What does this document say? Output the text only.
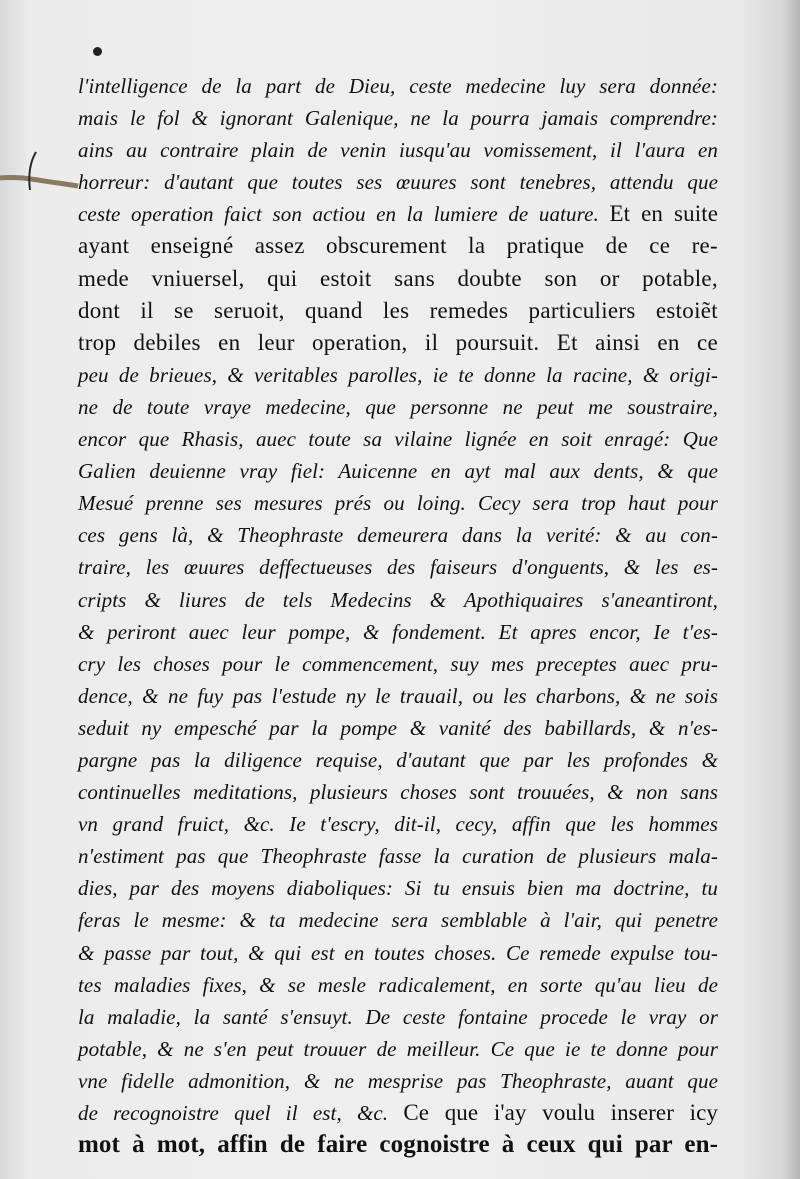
l'intelligence de la part de Dieu, ceste medecine luy sera donnée:
mais le fol & ignorant Galenique, ne la pourra jamais comprendre:
ains au contraire plain de venin iusqu'au vomissement, il l'aura en
horreur: d'autant que toutes ses œuures sont tenebres, attendu que
ceste operation faict son actiou en la lumiere de uature. Et en suite
ayant enseigné assez obscurement la pratique de ce re-
mede vniuersel, qui estoit sans doubte son or potable,
dont il se seruoit, quand les remedes particuliers estoiẽt
trop debiles en leur operation, il poursuit. Et ainsi en ce
peu de brieues, & veritables parolles, ie te donne la racine, & origi-
ne de toute vraye medecine, que personne ne peut me soustraire,
encor que Rhasis, auec toute sa vilaine lignée en soit enragé: Que
Galien deuienne vray fiel: Auicenne en ayt mal aux dents, & que
Mesué prenne ses mesures prés ou loing. Cecy sera trop haut pour
ces gens là, & Theophraste demeurera dans la verité: & au con-
traire, les œuures deffectueuses des faiseurs d'onguents, & les es-
cripts & liures de tels Medecins & Apothiquaires s'aneantiront,
& periront auec leur pompe, & fondement. Et apres encor, Ie t'es-
cry les choses pour le commencement, suy mes preceptes auec pru-
dence, & ne fuy pas l'estude ny le trauail, ou les charbons, & ne sois
seduit ny empesché par la pompe & vanité des babillards, & n'es-
pargne pas la diligence requise, d'autant que par les profondes &
continuelles meditations, plusieurs choses sont trouuées, & non sans
vn grand fruict, &c. Ie t'escry, dit-il, cecy, affin que les hommes
n'estiment pas que Theophraste fasse la curation de plusieurs mala-
dies, par des moyens diaboliques: Si tu ensuis bien ma doctrine, tu
feras le mesme: & ta medecine sera semblable à l'air, qui penetre
& passe par tout, & qui est en toutes choses. Ce remede expulse tou-
tes maladies fixes, & se mesle radicalement, en sorte qu'au lieu de
la maladie, la santé s'ensuyt. De ceste fontaine procede le vray or
potable, & ne s'en peut trouuer de meilleur. Ce que ie te donne pour
vne fidelle admonition, & ne mesprise pas Theophraste, auant que
de recognoistre quel il est, &c. Ce que i'ay voulu inserer icy
mot à mot, affin de faire cognoistre à ceux qui par en-
